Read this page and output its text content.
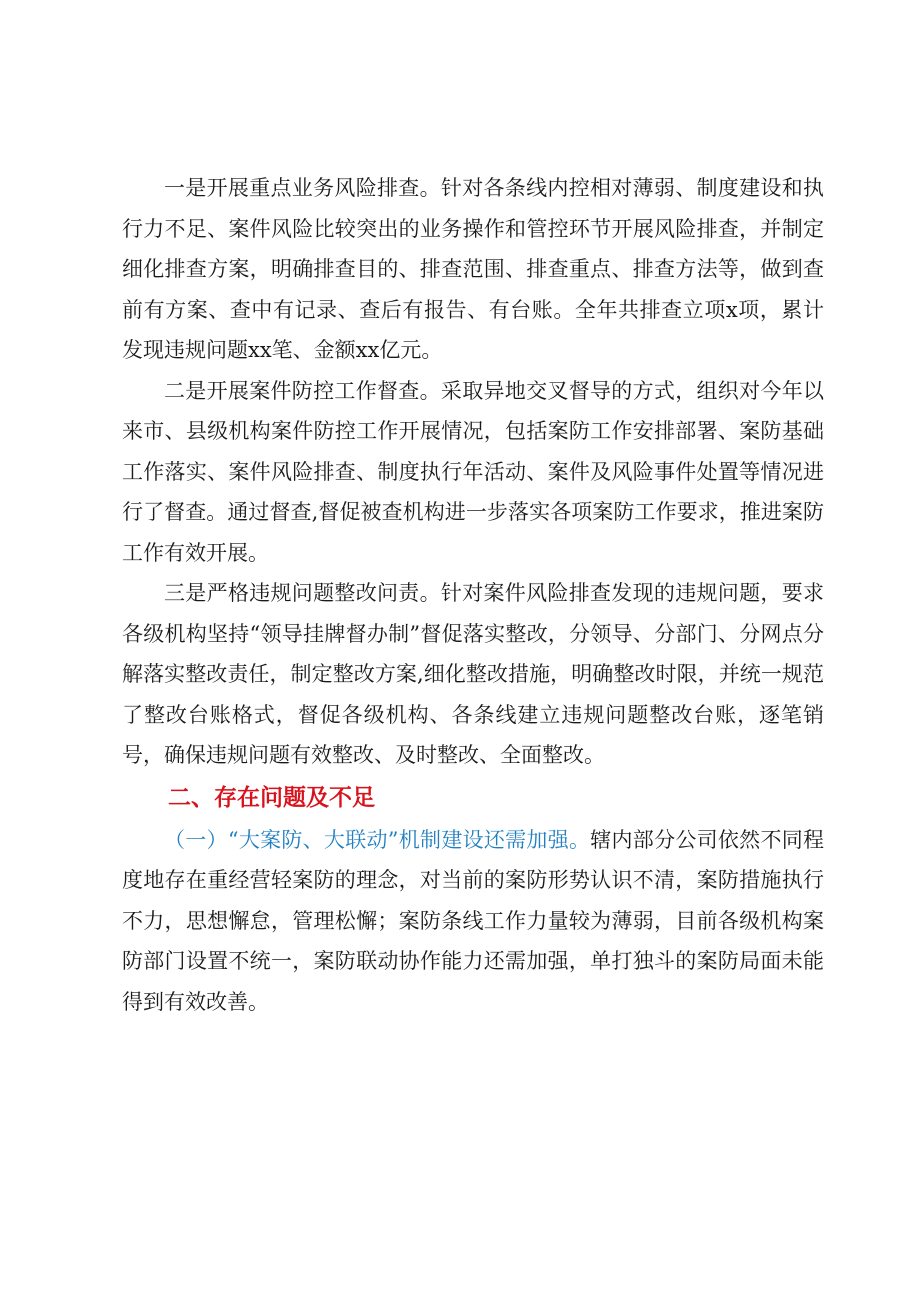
一是开展重点业务风险排查。针对各条线内控相对薄弱、制度建设和执行力不足、案件风险比较突出的业务操作和管控环节开展风险排查，并制定细化排查方案，明确排查目的、排查范围、排查重点、排查方法等，做到查前有方案、查中有记录、查后有报告、有台账。全年共排查立项x项，累计发现违规问题xx笔、金额xx亿元。

二是开展案件防控工作督查。采取异地交叉督导的方式，组织对今年以来市、县级机构案件防控工作开展情况，包括案防工作安排部署、案防基础工作落实、案件风险排查、制度执行年活动、案件及风险事件处置等情况进行了督查。通过督查,督促被查机构进一步落实各项案防工作要求，推进案防工作有效开展。

三是严格违规问题整改问责。针对案件风险排查发现的违规问题，要求各级机构坚持“领导挂牌督办制”督促落实整改，分领导、分部门、分网点分解落实整改责任，制定整改方案,细化整改措施，明确整改时限，并统一规范了整改台账格式，督促各级机构、各条线建立违规问题整改台账，逐笔销号，确保违规问题有效整改、及时整改、全面整改。

二、存在问题及不足

（一）“大案防、大联动”机制建设还需加强。辖内部分公司依然不同程度地存在重经营轻案防的理念，对当前的案防形势认识不清，案防措施执行不力，思想懈怠，管理松懈；案防条线工作力量较为薄弱，目前各级机构案防部门设置不统一，案防联动协作能力还需加强，单打独斗的案防局面未能得到有效改善。
